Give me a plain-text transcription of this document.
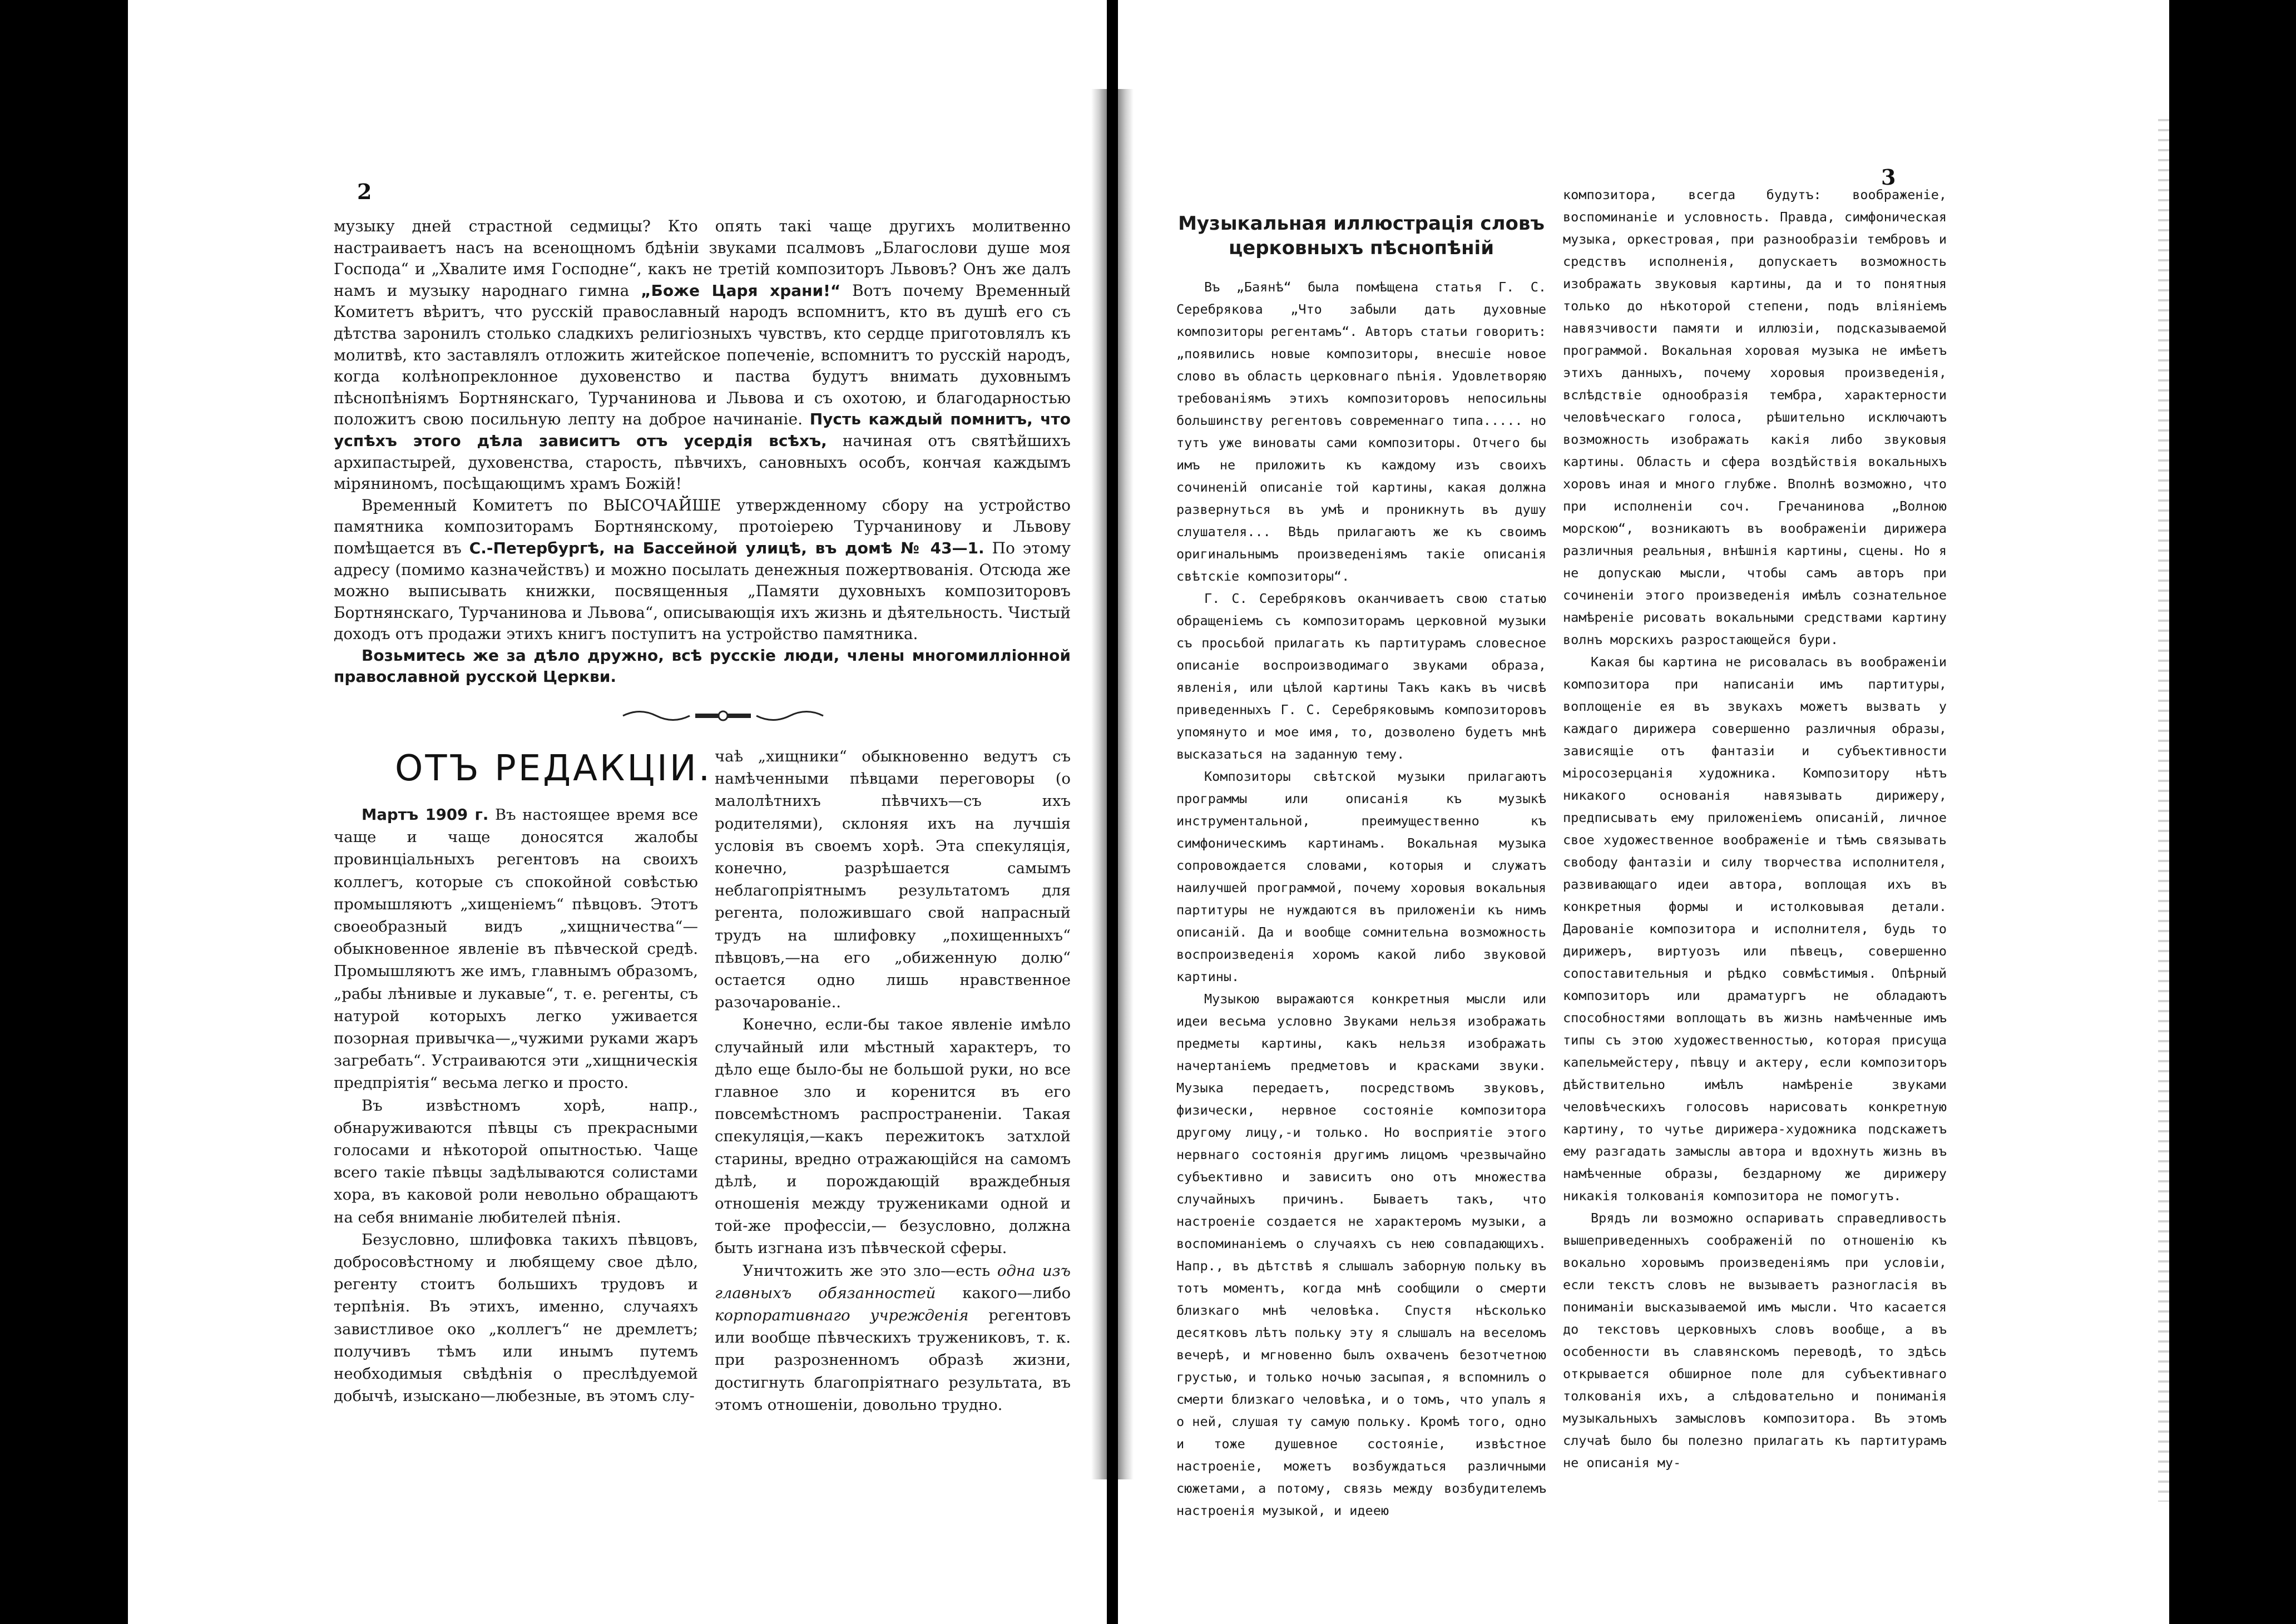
2

музыку дней страстной седмицы? Кто опять такі чаще другихъ молитвенно настраиваетъ насъ на всенощномъ бдѣніи звуками псалмовъ „Благослови душе моя Господа“ и „Хвалите имя Господне“, какъ не третій композиторъ Львовъ? Онъ же далъ намъ и музыку народнаго гимна „Боже Царя храни!“ Вотъ почему Временный Комитетъ вѣритъ, что русскій православный народъ вспомнитъ, кто въ душѣ его съ дѣтства заронилъ столько сладкихъ религіозныхъ чувствъ, кто сердце приготовлялъ къ молитвѣ, кто заставлялъ отложить житейское попеченіе, вспомнитъ то русскій народъ, когда колѣнопреклонное духовенство и паства будутъ внимать духовнымъ пѣснопѣніямъ Бортнянскаго, Турчанинова и Львова и съ охотою, и благодарностью положитъ свою посильную лепту на доброе начинаніе. Пусть каждый помнитъ, что успѣхъ этого дѣла зависитъ отъ усердія всѣхъ, начиная отъ святѣйшихъ архипастырей, духовенства, старость, пѣвчихъ, сановныхъ особъ, кончая каждымъ міряниномъ, посѣщающимъ храмъ Божій!

Временный Комитетъ по ВЫСОЧАЙШЕ утвержденному сбору на устройство памятника композиторамъ Бортнянскому, протоіерею Турчанинову и Львову помѣщается въ С.-Петербургѣ, на Бассейной улицѣ, въ домѣ № 43—1. По этому адресу (помимо казначействъ) и можно посылать денежныя пожертвованія. Отсюда же можно выписывать книжки, посвященныя „Памяти духовныхъ композиторовъ Бортнянскаго, Турчанинова и Львова“, описывающія ихъ жизнь и дѣятельность. Чистый доходъ отъ продажи этихъ книгъ поступитъ на устройство памятника.

Возьмитесь же за дѣло дружно, всѣ русскіе люди, члены многомилліонной православной русской Церкви.

ОТЪ РЕДАКЦІИ.

Мартъ 1909 г. Въ настоящее время все чаще и чаще доносятся жалобы провинціальныхъ регентовъ на своихъ коллегъ, которые съ спокойной совѣстью промышляютъ „хищеніемъ“ пѣвцовъ. Этотъ своеобразный видъ „хищничества“—обыкновенное явленіе въ пѣвческой средѣ. Промышляютъ же имъ, главнымъ образомъ, „рабы лѣнивые и лукавые“, т. е. регенты, съ натурой которыхъ легко уживается позорная привычка—„чужими руками жаръ загребать“. Устраиваются эти „хищническія предпріятія“ весьма легко и просто.

Въ извѣстномъ хорѣ, напр., обнаруживаются пѣвцы съ прекрасными голосами и нѣкоторой опытностью. Чаще всего такіе пѣвцы задѣлываются солистами хора, въ каковой роли невольно обращаютъ на себя вниманіе любителей пѣнія.

Безусловно, шлифовка такихъ пѣвцовъ, добросовѣстному и любящему свое дѣло, регенту стоитъ большихъ трудовъ и терпѣнія. Въ этихъ, именно, случаяхъ завистливое око „коллегъ“ не дремлетъ; получивъ тѣмъ или инымъ путемъ необходимыя свѣдѣнія о преслѣдуемой добычѣ, изыскано—любезные, въ этомъ слу-

чаѣ „хищники“ обыкновенно ведутъ съ намѣченными пѣвцами переговоры (о малолѣтнихъ пѣвчихъ—съ ихъ родителями), склоняя ихъ на лучшія условія въ своемъ хорѣ. Эта спекуляція, конечно, разрѣшается самымъ неблагопріятнымъ результатомъ для регента, положившаго свой напрасный трудъ на шлифовку „похищенныхъ“ пѣвцовъ,—на его „обиженную долю“ остается одно лишь нравственное разочарованіе..

Конечно, если-бы такое явленіе имѣло случайный или мѣстный характеръ, то дѣло еще было-бы не большой руки, но все главное зло и коренится въ его повсемѣстномъ распространеніи. Такая спекуляція,—какъ пережитокъ затхлой старины, вредно отражающійся на самомъ дѣлѣ, и порождающій враждебныя отношенія между тружениками одной и той-же профессіи,— безусловно, должна быть изгнана изъ пѣвческой сферы.

Уничтожить же это зло—есть одна изъ главныхъ обязанностей какого—либо корпоративнаго учрежденія регентовъ или вообще пѣвческихъ тружениковъ, т. к. при разрозненномъ образѣ жизни, достигнуть благопріятнаго результата, въ этомъ отношеніи, довольно трудно.

3
Музыкальная иллюстрація словъ церковныхъ пѣснопѣній

Въ „Баянѣ“ была помѣщена статья Г. С. Серебрякова „Что забыли дать духовные композиторы регентамъ“. Авторъ статьи говоритъ: „появились новые композиторы, внесшіе новое слово въ область церковнаго пѣнія. Удовлетворяю требованіямъ этихъ композиторовъ непосильны большинству регентовъ современнаго типа..... но тутъ уже виноваты сами композиторы. Отчего бы имъ не приложить къ каждому изъ своихъ сочиненій описаніе той картины, какая должна развернуться въ умѣ и проникнуть въ душу слушателя... Вѣдь прилагаютъ же къ своимъ оригинальнымъ произведеніямъ такіе описанія свѣтскіе композиторы“.

Г. С. Серебряковъ оканчиваетъ свою статью обращеніемъ съ композиторамъ церковной музыки съ просьбой прилагать къ партитурамъ словесное описаніе воспроизводимаго звуками образа, явленія, или цѣлой картины Такъ какъ въ чисвѣ приведенныхъ Г. С. Серебряковымъ композиторовъ упомянуто и мое имя, то, дозволено будетъ мнѣ высказаться на заданную тему.

Композиторы свѣтской музыки прилагаютъ программы или описанія къ музыкѣ инструментальной, преимущественно къ симфоническимъ картинамъ. Вокальная музыка сопровождается словами, которыя и служатъ наилучшей программой, почему хоровыя вокальныя партитуры не нуждаются въ приложеніи къ нимъ описаній. Да и вообще сомнительна возможность воспроизведенія хоромъ какой либо звуковой картины.

Музыкою выражаются конкретныя мысли или идеи весьма условно Звуками нельзя изображать предметы картины, какъ нельзя изображать начертаніемъ предметовъ и красками звуки. Музыка передаетъ, посредствомъ звуковъ, физически, нервное состояніе композитора другому лицу,-и только. Но восприятіе этого нервнаго состоянія другимъ лицомъ чрезвычайно субъективно и зависитъ оно отъ множества случайныхъ причинъ. Бываетъ такъ, что настроеніе создается не характеромъ музыки, а воспоминаніемъ о случаяхъ съ нею совпадающихъ. Напр., въ дѣтствѣ я слышалъ заборную польку въ тотъ моментъ, когда мнѣ сообщили о смерти близкаго мнѣ человѣка. Спустя нѣсколько десятковъ лѣтъ польку эту я слышалъ на веселомъ вечерѣ, и мгновенно былъ охваченъ безотчетною грустью, и только ночью засыпая, я вспомнилъ о смерти близкаго человѣка, и о томъ, что упалъ я о ней, слушая ту самую польку. Кромѣ того, одно и тоже душевное состояніе, извѣстное настроеніе, можетъ возбуждаться различными сюжетами, а потому, связь между возбудителемъ настроенія музыкой, и идеею

композитора, всегда будутъ: воображеніе, воспоминаніе и условность. Правда, симфоническая музыка, оркестровая, при разнообразіи тембровъ и средствъ исполненія, допускаетъ возможность изображать звуковыя картины, да и то понятныя только до нѣкоторой степени, подъ вліяніемъ навязчивости памяти и иллюзіи, подсказываемой программой. Вокальная хоровая музыка не имѣетъ этихъ данныхъ, почему хоровыя произведенія, вслѣдствіе однообразія тембра, характерности человѣческаго голоса, рѣшительно исключаютъ возможность изображать какія либо звуковыя картины. Область и сфера воздѣйствія вокальныхъ хоровъ иная и много глубже. Вполнѣ возможно, что при исполненіи соч. Гречанинова „Волною морскою“, возникаютъ въ воображеніи дирижера различныя реальныя, внѣшнія картины, сцены. Но я не допускаю мысли, чтобы самъ авторъ при сочиненіи этого произведенія имѣлъ сознательное намѣреніе рисовать вокальными средствами картину волнъ морскихъ разростающейся бури.

Какая бы картина не рисовалась въ воображеніи композитора при написаніи имъ партитуры, воплощеніе ея въ звукахъ можетъ вызвать у каждаго дирижера совершенно различныя образы, зависящіе отъ фантазіи и субъективности міросозерцанія художника. Композитору нѣтъ никакого основанія навязывать дирижеру, предписывать ему приложеніемъ описаній, личное свое художественное воображеніе и тѣмъ связывать свободу фантазіи и силу творчества исполнителя, развивающаго идеи автора, воплощая ихъ въ конкретныя формы и истолковывая детали. Дарованіе композитора и исполнителя, будь то дирижеръ, виртуозъ или пѣвецъ, совершенно сопоставительныя и рѣдко совмѣстимыя. Опѣрный композиторъ или драматургъ не обладаютъ способностями воплощать въ жизнь намѣченные имъ типы съ этою художественностью, которая присуща капельмейстеру, пѣвцу и актеру, если композиторъ дѣйствительно имѣлъ намѣреніе звуками человѣческихъ голосовъ нарисовать конкретную картину, то чутье дирижера-художника подскажетъ ему разгадать замыслы автора и вдохнуть жизнь въ намѣченные образы, бездарному же дирижеру никакія толкованія композитора не помогутъ.

Врядъ ли возможно оспаривать справедливость вышеприведенныхъ соображеній по отношенію къ вокально хоровымъ произведеніямъ при условіи, если текстъ словъ не вызываетъ разногласія въ пониманіи высказываемой имъ мысли. Что касается до текстовъ церковныхъ словъ вообще, а въ особенности въ славянскомъ переводѣ, то здѣсь открывается обширное поле для субъективнаго толкованія ихъ, а слѣдовательно и пониманія музыкальныхъ замысловъ композитора. Въ этомъ случаѣ было бы полезно прилагать къ партитурамъ не описанія му-
